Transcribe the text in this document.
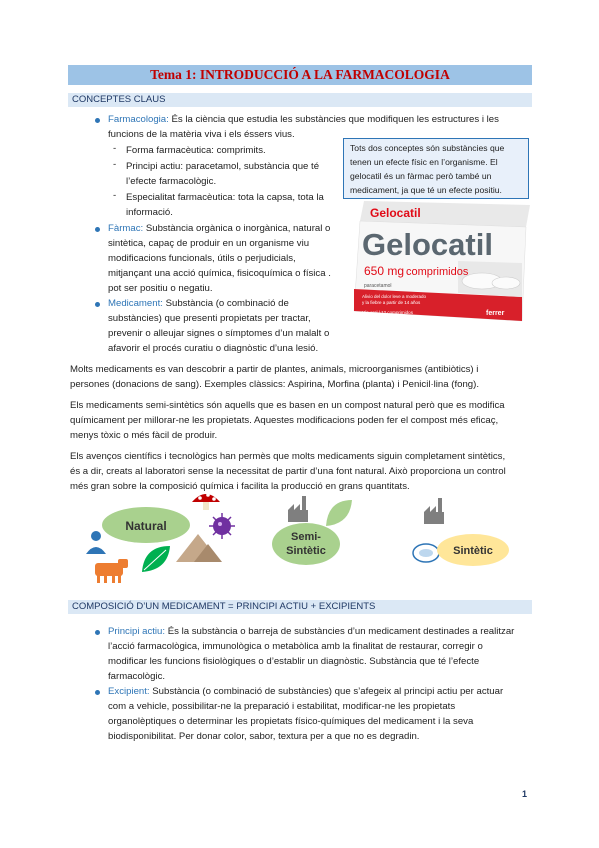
Tema 1: INTRODUCCIÓ A LA FARMACOLOGIA
CONCEPTES CLAUS
Farmacologia: És la ciència que estudia les substàncies que modifiquen les estructures i les
funcions de la matèria viva i els éssers vius.
- Forma farmacèutica: comprimits.
- Principi actiu: paracetamol, substància que té
l’efecte farmacològic.
- Especialitat farmacèutica: tota la capsa, tota la
informació.
Tots dos conceptes són substàncies que
tenen un efecte físic en l’organisme. El
gelocatil és un fàrmac però també un
medicament, ja que té un efecte positiu.
Gelocatil
Gelocatil
650 mg comprimidos
paracetamol
Alivio del dolor leve a moderado
y la fiebre a partir de 14 años
Vía oral | 12 comprimidos	ferrer
Fàrmac: Substància orgànica o inorgànica, natural o
sintètica, capaç de produir en un organisme viu
modificacions funcionals, útils o perjudicials,
mitjançant una acció química, fisicoquímica o física .
pot ser positiu o negatiu.
Medicament: Substància (o combinació de
substàncies) que presenti propietats per tractar,
prevenir o alleujar signes o símptomes d’un malalt o
afavorir el procés curatiu o diagnòstic d’una lesió.
Molts medicaments es van descobrir a partir de plantes, animals, microorganismes (antibiòtics) i
persones (donacions de sang). Exemples clàssics: Aspirina, Morfina (planta) i Penicil·lina (fong).
Els medicaments semi-sintètics són aquells que es basen en un compost natural però que es modifica
químicament per millorar-ne les propietats. Aquestes modificacions poden fer el compost més eficaç,
menys tòxic o més fàcil de produir.
Els avenços científics i tecnològics han permès que molts medicaments siguin completament sintètics,
és a dir, creats al laboratori sense la necessitat de partir d’una font natural. Això proporciona un control
més gran sobre la composició química i facilita la producció en grans quantitats.
Natural
Semi-
Sintètic	Sintètic
COMPOSICIÓ D’UN MEDICAMENT = PRINCIPI ACTIU + EXCIPIENTS
Principi actiu: És la substància o barreja de substàncies d’un medicament destinades a realitzar
l’acció farmacològica, immunològica o metabòlica amb la finalitat de restaurar, corregir o
modificar les funcions fisiològiques o d’establir un diagnòstic. Substància que té l’efecte
farmacològic.
Excipient: Substància (o combinació de substàncies) que s’afegeix al principi actiu per actuar
com a vehicle, possibilitar-ne la preparació i estabilitat, modificar-ne les propietats
organolèptiques o determinar les propietats físico-químiques del medicament i la seva
biodisponibilitat. Per donar color, sabor, textura per a que no es degradin.
1
